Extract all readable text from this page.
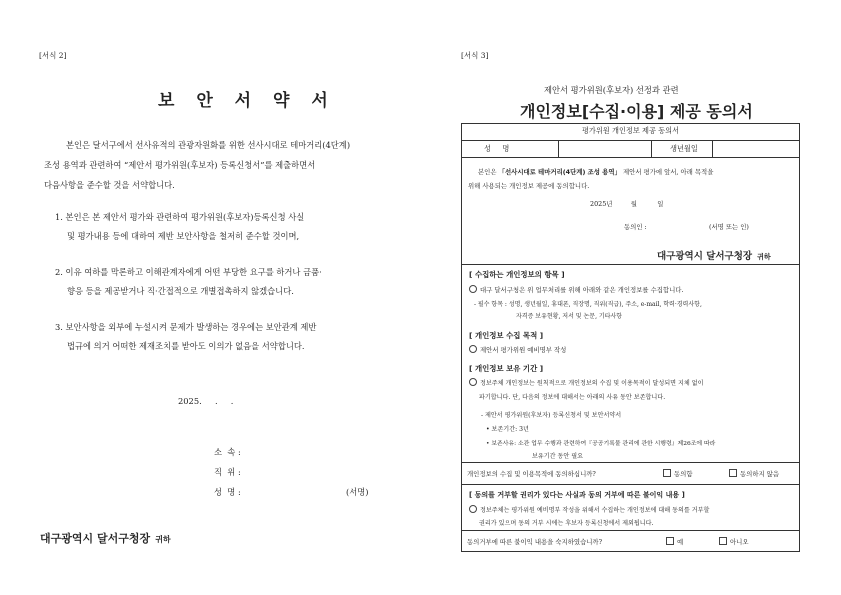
[서식 2]
보 안 서 약 서
본인은 달서구에서 선사유적의 관광자원화를 위한 선사시대로 테마거리(4단계)
조성 용역과 관련하여 “제안서 평가위원(후보자) 등록신청서”를 제출하면서
다음사항을 준수할 것을 서약합니다.
1. 본인은 본 제안서 평가와 관련하여 평가위원(후보자)등록신청 사실
및 평가내용 등에 대하여 제반 보안사항을 철저히 준수할 것이며,
2. 이유 여하를 막론하고 이해관계자에게 어떤 부당한 요구를 하거나 금품·
향응 등을 제공받거나 직·간접적으로 개별접촉하지 않겠습니다.
3. 보안사항을 외부에 누설시켜 문제가 발생하는 경우에는 보안관계 제반
법규에 의거 어떠한 제재조치를 받아도 이의가 없음을 서약합니다.
2025.     .     .
소  속 :
직  위 :
성  명 :	(서명)
대구광역시 달서구청장 귀하
[서식 3]
제안서 평가위원(후보자) 선정과 관련
개인정보[수집·이용] 제공 동의서
평가위원 개인정보 제공 동의서
성     명	생년월일
본인은 「선사시대로 테마거리(4단계) 조성 용역」 제안서 평가에 앞서, 아래 목적을
위해 사용되는 개인정보 제공에 동의합니다.
2025년         월          일
동의인 :	(서명 또는 인)
대구광역시 달서구청장 귀하
[ 수집하는 개인정보의 항목 ]
대구 달서구청은 위 업무처리를 위해 아래와 같은 개인정보를 수집합니다.
- 필수 항목 : 성명, 생년월일, 휴대폰, 직장명, 직위(직급), 주소, e-mail, 학력·경력사항,
자격증 보유현황, 저서 및 논문, 기타사항
[ 개인정보 수집 목적 ]
제안서 평가위원 예비명부 작성
[ 개인정보 보유 기간 ]
정보주체 개인정보는 원칙적으로 개인정보의 수집 및 이용목적이 달성되면 지체 없이
파기합니다. 단, 다음의 정보에 대해서는 아래의 사유 동안 보존합니다.
- 제안서 평가위원(후보자) 등록신청서 및 보안서약서
• 보존기간: 3년
• 보존사유: 소관 업무 수행과 관련하여『공공기록물 관리에 관한 시행령』제26조에 따라
보유기간 동안 필요
개인정보의 수집 및 이용목적에 동의하십니까?	동의함	동의하지 않음
[ 동의를 거부할 권리가 있다는 사실과 동의 거부에 따른 불이익 내용 ]
정보주체는 평가위원 예비명부 작성을 위해서 수집하는 개인정보에 대해 동의를 거부할
권리가 있으며 동의 거부 시에는 후보자 등록신청에서 제외됩니다.
동의거부에 따른 불이익 내용을 숙지하였습니까?	예	아니오
